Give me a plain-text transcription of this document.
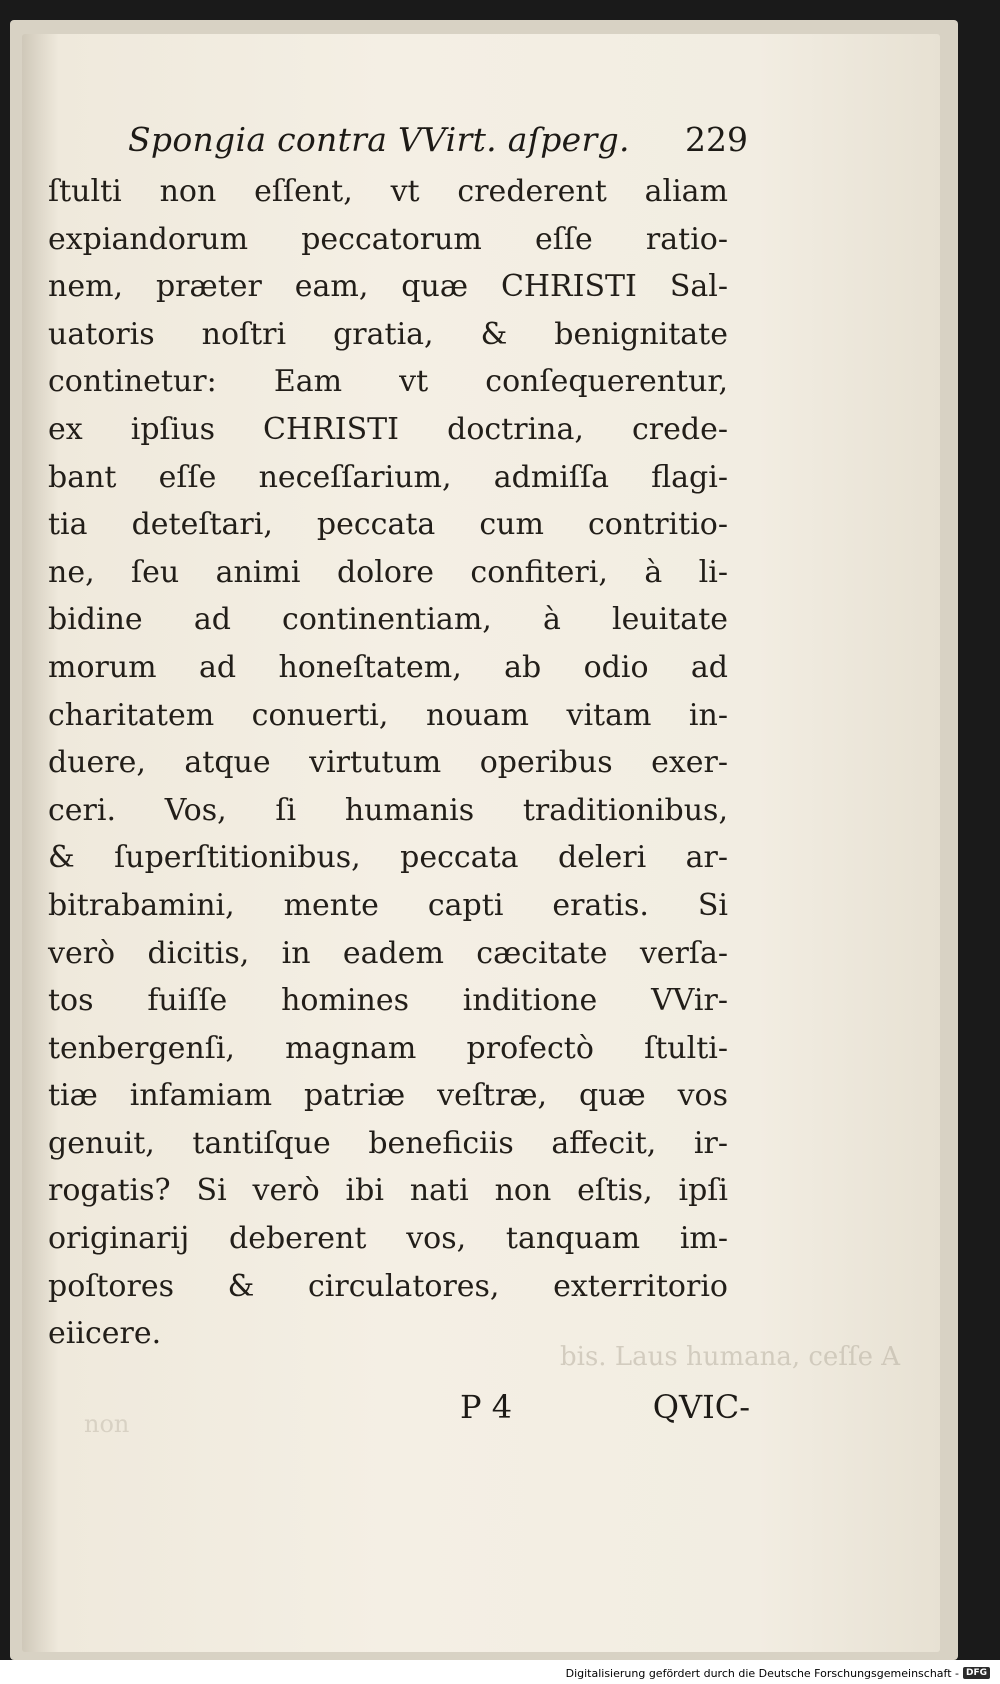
Spongia contra VVirt. aſperg. 229
bis. Laus humana, ceſſe A
non
ſtulti non eſſent, vt crederent aliam
expiandorum peccatorum eſſe ratio-
nem, præter eam, quæ CHRISTI Sal-
uatoris noſtri gratia, & benignitate
continetur: Eam vt conſequerentur,
ex ipſius CHRISTI doctrina, crede-
bant eſſe neceſſarium, admiſſa flagi-
tia deteſtari, peccata cum contritio-
ne, ſeu animi dolore confiteri, à li-
bidine ad continentiam, à leuitate
morum ad honeſtatem, ab odio ad
charitatem conuerti, nouam vitam in-
duere, atque virtutum operibus exer-
ceri. Vos, ſi humanis traditionibus,
& ſuperſtitionibus, peccata deleri ar-
bitrabamini, mente capti eratis. Si
verò dicitis, in eadem cæcitate verſa-
tos fuiſſe homines inditione VVir-
tenbergenſi, magnam profectò ſtulti-
tiæ infamiam patriæ veſtræ, quæ vos
genuit, tantiſque beneficiis affecit, ir-
rogatis? Si verò ibi nati non eſtis, ipſi
originarij deberent vos, tanquam im-
poſtores & circulatores, exterritorio
eiicere.
P 4	QVIC-
Digitalisierung gefördert durch die Deutsche Forschungsgemeinschaft - DFG
